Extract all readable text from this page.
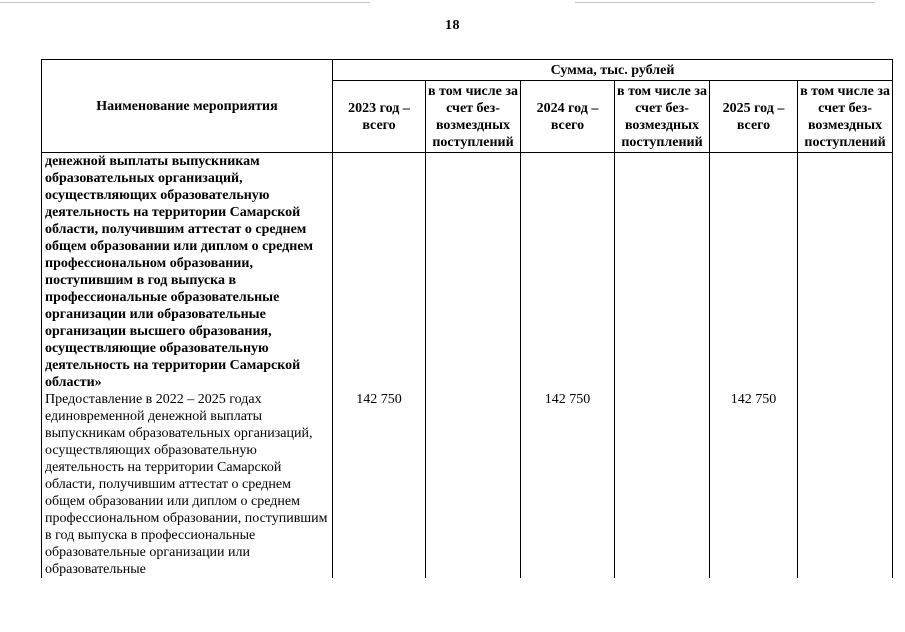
18
Наименование мероприятия	Сумма, тыс. рублей					
	2023 год – всего	в том числе за счет без-возмездных поступлений	2024 год – всего	в том числе за счет без-возмездных поступлений	2025 год – всего	в том числе за счет без-возмездных поступлений

денежной выплаты выпускникам образовательных организаций, осуществляющих образовательную деятельность на территории Самарской области, получившим аттестат о среднем общем образовании или диплом о среднем профессиональном образовании, поступившим в год выпуска в профессиональные образовательные организации или образовательные организации высшего образования, осуществляющие образовательную деятельность на территории Самарской области»						

Предоставление в 2022 – 2025 годах единовременной денежной выплаты выпускникам образовательных организаций, осуществляющих образовательную деятельность на территории Самарской области, получившим аттестат о среднем общем образовании или диплом о среднем профессиональном образовании, поступившим в год выпуска в профессиональные образовательные организации или образовательные	142 750		142 750		142 750	
